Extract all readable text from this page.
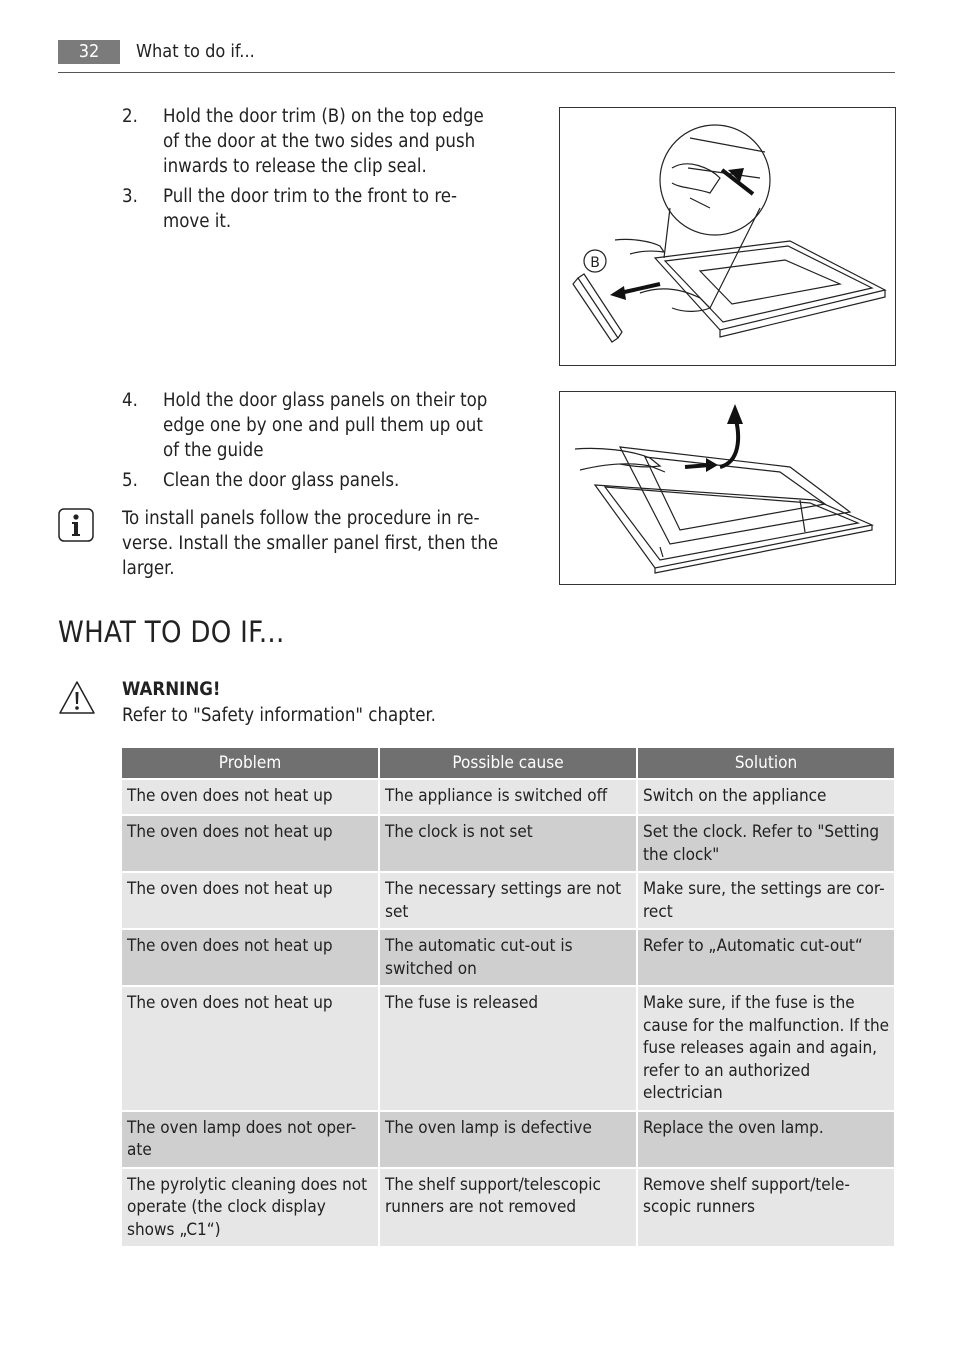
32	What to do if...
2.	Hold the door trim (B) on the top edge of the door at the two sides and push inwards to release the clip seal.
3.	Pull the door trim to the front to re-move it.
B
4.	Hold the door glass panels on their top edge one by one and pull them up out of the guide
5.	Clean the door glass panels.
To install panels follow the procedure in re-verse. Install the smaller panel first, then the larger.
WHAT TO DO IF...
WARNING!
Refer to "Safety information" chapter.
Problem	Possible cause	Solution
The oven does not heat up	The appliance is switched off	Switch on the appliance
The oven does not heat up	The clock is not set	Set the clock. Refer to "Setting the clock"
The oven does not heat up	The necessary settings are not set	Make sure, the settings are cor-rect
The oven does not heat up	The automatic cut-out is switched on	Refer to „Automatic cut-out“
The oven does not heat up	The fuse is released	Make sure, if the fuse is the cause for the malfunction. If the fuse releases again and again, refer to an authorized electrician
The oven lamp does not oper-ate	The oven lamp is defective	Replace the oven lamp.
The pyrolytic cleaning does not operate (the clock display shows „C1“)	The shelf support/telescopic runners are not removed	Remove shelf support/tele-scopic runners
